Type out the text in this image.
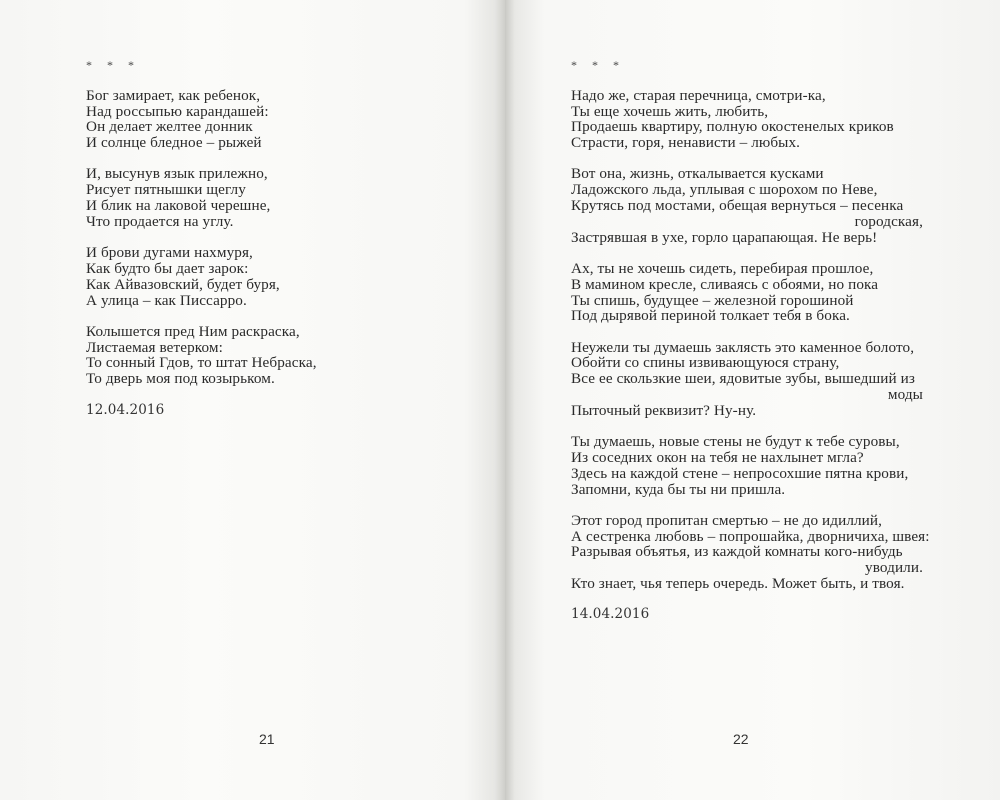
* * *
Бог замирает, как ребенок,
Над россыпью карандашей:
Он делает желтее донник
И солнце бледное – рыжей
И, высунув язык прилежно,
Рисует пятнышки щеглу
И блик на лаковой черешне,
Что продается на углу.
И брови дугами нахмуря,
Как будто бы дает зарок:
Как Айвазовский, будет буря,
А улица – как Писсарро.
Колышется пред Ним раскраска,
Листаемая ветерком:
То сонный Гдов, то штат Небраска,
То дверь моя под козырьком.
12.04.2016
21
* * *
Надо же, старая перечница, смотри-ка,
Ты еще хочешь жить, любить,
Продаешь квартиру, полную окостенелых криков
Страсти, горя, ненависти – любых.
Вот она, жизнь, откалывается кусками
Ладожского льда, уплывая с шорохом по Неве,
Крутясь под мостами, обещая вернуться – песенка
городская,
Застрявшая в ухе, горло царапающая. Не верь!
Ах, ты не хочешь сидеть, перебирая прошлое,
В мамином кресле, сливаясь с обоями, но пока
Ты спишь, будущее – железной горошиной
Под дырявой периной толкает тебя в бока.
Неужели ты думаешь заклясть это каменное болото,
Обойти со спины извивающуюся страну,
Все ее скользкие шеи, ядовитые зубы, вышедший из
моды
Пыточный реквизит? Ну-ну.
Ты думаешь, новые стены не будут к тебе суровы,
Из соседних окон на тебя не нахлынет мгла?
Здесь на каждой стене – непросохшие пятна крови,
Запомни, куда бы ты ни пришла.
Этот город пропитан смертью – не до идиллий,
А сестренка любовь – попрошайка, дворничиха, швея:
Разрывая объятья, из каждой комнаты кого-нибудь
уводили.
Кто знает, чья теперь очередь. Может быть, и твоя.
14.04.2016
22
